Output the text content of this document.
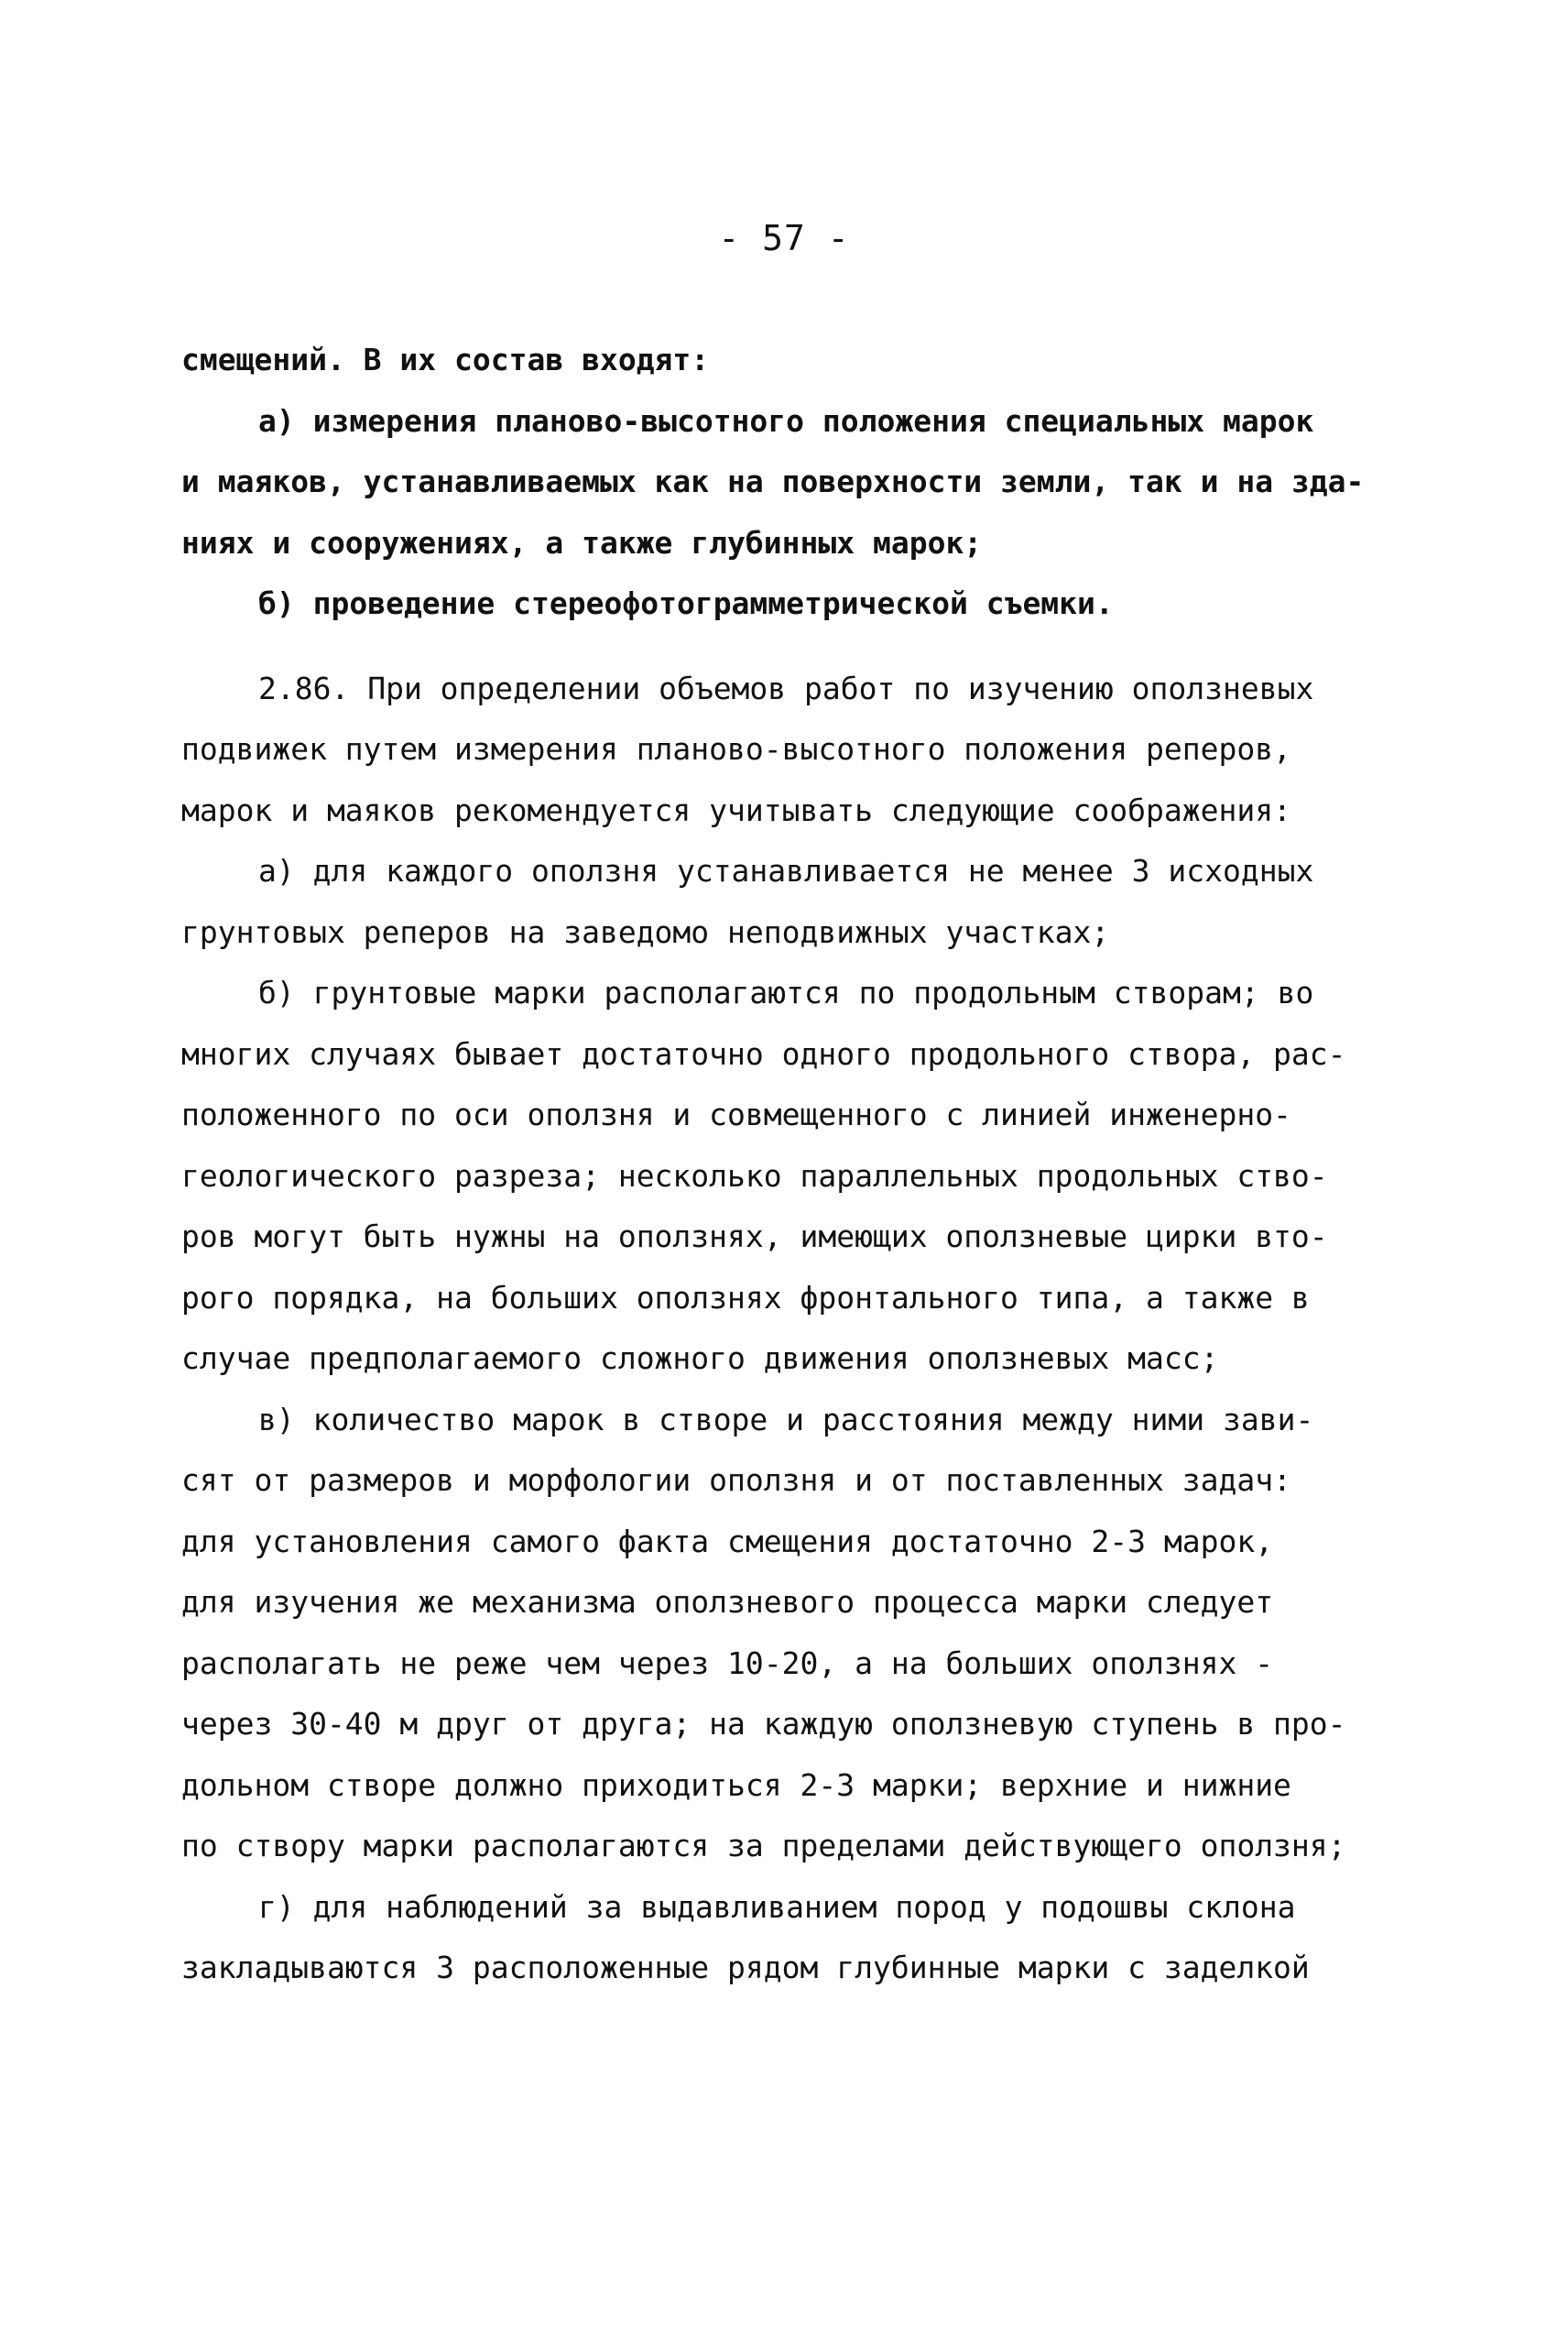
- 57 -
смещений. В их состав входят:
а) измерения планово-высотного положения специальных марок
и маяков, устанавливаемых как на поверхности земли, так и на зда-
ниях и сооружениях, а также глубинных марок;
б) проведение стереофотограмметрической съемки.
2.86. При определении объемов работ по изучению оползневых
подвижек путем измерения планово-высотного положения реперов,
марок и маяков рекомендуется учитывать следующие соображения:
а) для каждого оползня устанавливается не менее 3 исходных
грунтовых реперов на заведомо неподвижных участках;
б) грунтовые марки располагаются по продольным створам; во
многих случаях бывает достаточно одного продольного створа, рас-
положенного по оси оползня и совмещенного с линией инженерно-
геологического разреза; несколько параллельных продольных ство-
ров могут быть нужны на оползнях, имеющих оползневые цирки вто-
рого порядка, на больших оползнях фронтального типа, а также в
случае предполагаемого сложного движения оползневых масс;
в) количество марок в створе и расстояния между ними зави-
сят от размеров и морфологии оползня и от поставленных задач:
для установления самого факта смещения достаточно 2-3 марок,
для изучения же механизма оползневого процесса марки следует
располагать не реже чем через 10-20, а на больших оползнях -
через 30-40 м друг от друга; на каждую оползневую ступень в про-
дольном створе должно приходиться 2-3 марки; верхние и нижние
по створу марки располагаются за пределами действующего оползня;
г) для наблюдений за выдавливанием пород у подошвы склона
закладываются 3 расположенные рядом глубинные марки с заделкой
